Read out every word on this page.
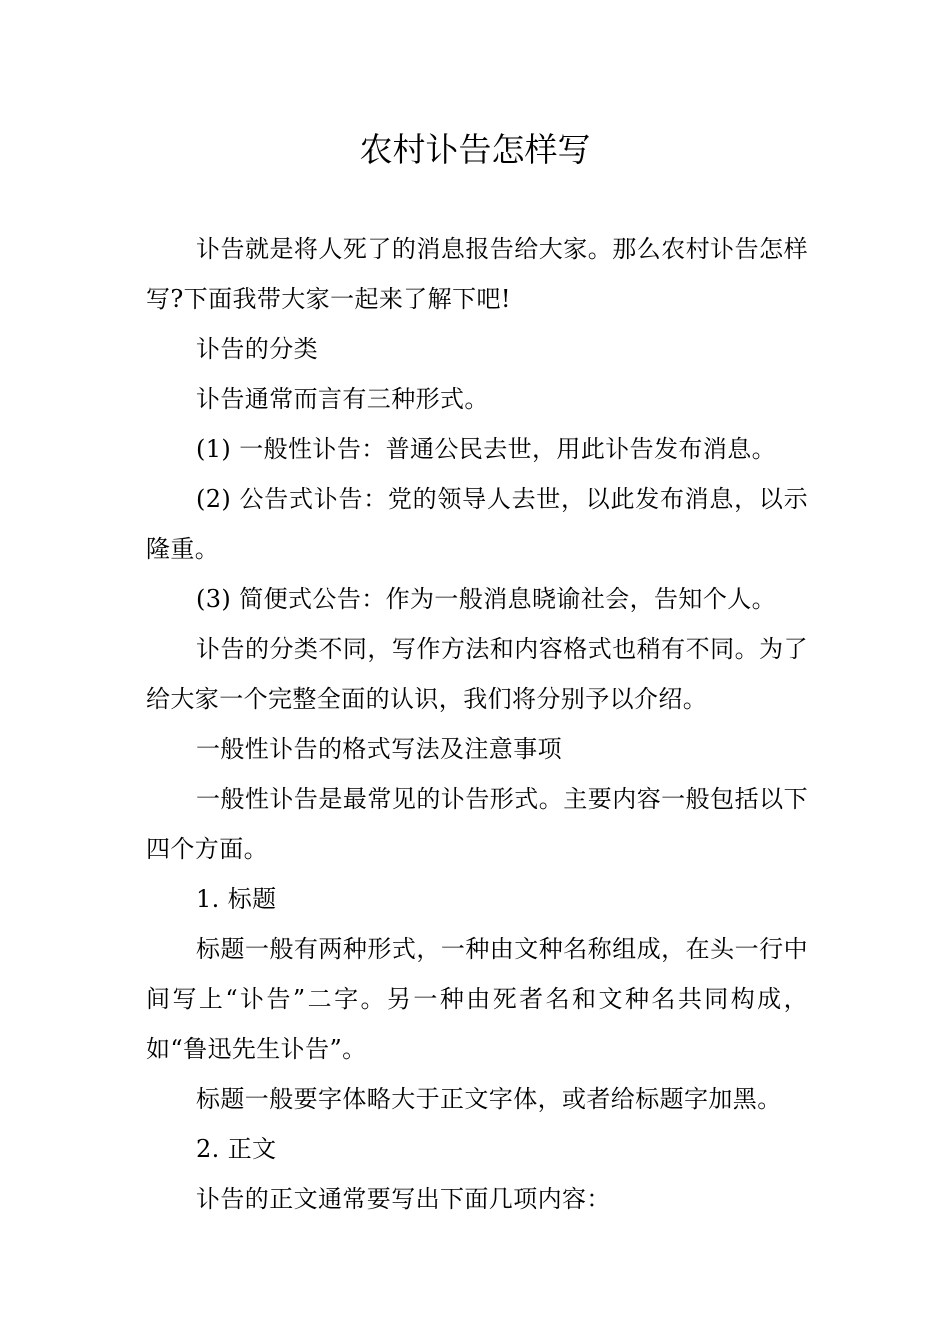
农村讣告怎样写

讣告就是将人死了的消息报告给大家。那么农村讣告怎样写?下面我带大家一起来了解下吧!

讣告的分类

讣告通常而言有三种形式。

(1) 一般性讣告：普通公民去世，用此讣告发布消息。

(2) 公告式讣告：党的领导人去世，以此发布消息，以示隆重。

(3) 简便式公告：作为一般消息晓谕社会，告知个人。

讣告的分类不同，写作方法和内容格式也稍有不同。为了给大家一个完整全面的认识，我们将分别予以介绍。

一般性讣告的格式写法及注意事项

一般性讣告是最常见的讣告形式。主要内容一般包括以下四个方面。

1. 标题

标题一般有两种形式，一种由文种名称组成，在头一行中间写上“讣告”二字。另一种由死者名和文种名共同构成，如“鲁迅先生讣告”。

标题一般要字体略大于正文字体，或者给标题字加黑。

2. 正文

讣告的正文通常要写出下面几项内容：
